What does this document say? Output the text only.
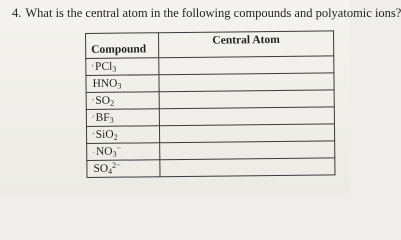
4. What is the central atom in the following compounds and polyatomic ions?
Compound	Central Atom
’PCl$_3$	
$HNO_3$	
$’SO_2$	
$’BF_3$	
’SiO$_2$	
$\cdot NO_3^-$	
$SO_4^{2-}$	
